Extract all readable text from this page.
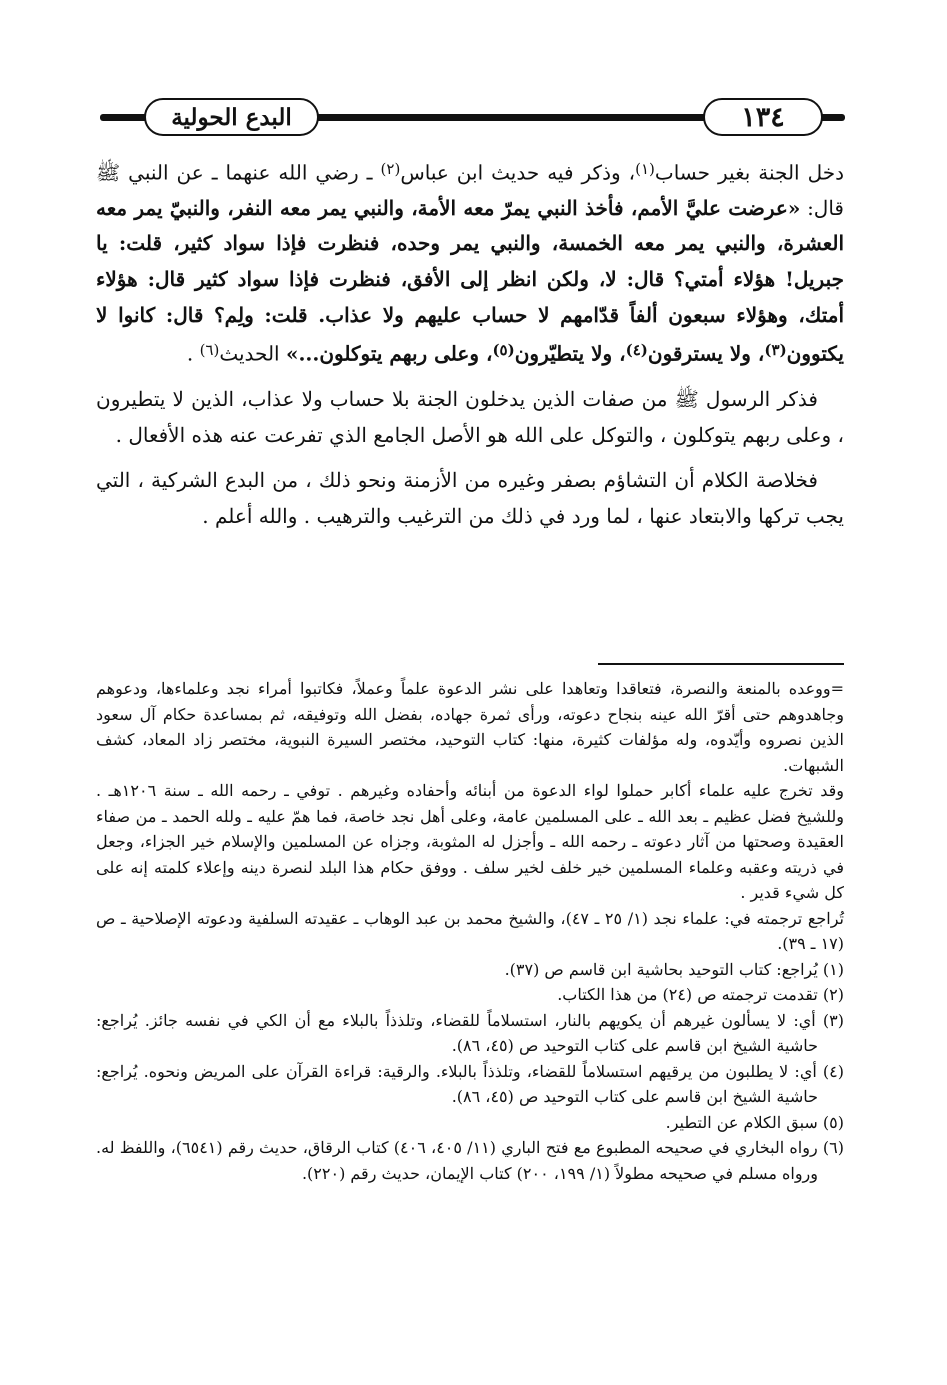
١٣٤
البدع الحولية

دخل الجنة بغير حساب$^{(١)}$، وذكر فيه حديث ابن عباس$^{(٢)}$ ـ رضي الله عنهما ـ عن النبي ﷺ قال: «عرضت عليَّ الأمم، فأخذ النبي يمرّ معه الأمة، والنبي يمر معه النفر، والنبيّ يمر معه العشرة، والنبي يمر معه الخمسة، والنبي يمر وحده، فنظرت فإذا سواد كثير، قلت: يا جبريل! هؤلاء أمتي؟ قال: لا، ولكن انظر إلى الأفق، فنظرت فإذا سواد كثير قال: هؤلاء أمتك، وهؤلاء سبعون ألفاً قدّامهم لا حساب عليهم ولا عذاب. قلت: ولِم؟ قال: كانوا لا يكتوون$^{(٣)}$، ولا يسترقون$^{(٤)}$، ولا يتطيّرون$^{(٥)}$، وعلى ربهم يتوكلون...» الحديث$^{(٦)}$ .

فذكر الرسول ﷺ من صفات الذين يدخلون الجنة بلا حساب ولا عذاب، الذين لا يتطيرون ، وعلى ربهم يتوكلون ، والتوكل على الله هو الأصل الجامع الذي تفرعت عنه هذه الأفعال .

فخلاصة الكلام أن التشاؤم بصفر وغيره من الأزمنة ونحو ذلك ، من البدع الشركية ، التي يجب تركها والابتعاد عنها ، لما ورد في ذلك من الترغيب والترهيب . والله أعلم .

=ووعده بالمنعة والنصرة، فتعاقدا وتعاهدا على نشر الدعوة علماً وعملاً، فكاتبوا أمراء نجد وعلماءها، ودعوهم وجاهدوهم حتى أقرّ الله عينه بنجاح دعوته، ورأى ثمرة جهاده، بفضل الله وتوفيقه، ثم بمساعدة حكام آل سعود الذين نصروه وأيّدوه، وله مؤلفات كثيرة، منها: كتاب التوحيد، مختصر السيرة النبوية، مختصر زاد المعاد، كشف الشبهات.

وقد تخرج عليه علماء أكابر حملوا لواء الدعوة من أبنائه وأحفاده وغيرهم . توفي ـ رحمه الله ـ سنة ١٢٠٦هـ . وللشيخ فضل عظيم ـ بعد الله ـ على المسلمين عامة، وعلى أهل نجد خاصة، فما همّ عليه ـ ولله الحمد ـ من صفاء العقيدة وصحتها من آثار دعوته ـ رحمه الله ـ وأجزل له المثوبة، وجزاه عن المسلمين والإسلام خير الجزاء، وجعل في ذريته وعقبه وعلماء المسلمين خير خلف لخير سلف . ووفق حكام هذا البلد لنصرة دينه وإعلاء كلمته إنه على كل شيء قدير .

تُراجع ترجمته في: علماء نجد (١/ ٢٥ ـ ٤٧)، والشيخ محمد بن عبد الوهاب ـ عقيدته السلفية ودعوته الإصلاحية ـ ص (١٧ ـ ٣٩).

(١) يُراجع: كتاب التوحيد بحاشية ابن قاسم ص (٣٧).

(٢) تقدمت ترجمته ص (٢٤) من هذا الكتاب.

(٣) أي: لا يسألون غيرهم أن يكويهم بالنار، استسلاماً للقضاء، وتلذذاً بالبلاء مع أن الكي في نفسه جائز. يُراجع: حاشية الشيخ ابن قاسم على كتاب التوحيد ص (٤٥، ٨٦).

(٤) أي: لا يطلبون من يرقيهم استسلاماً للقضاء، وتلذذاً بالبلاء. والرقية: قراءة القرآن على المريض ونحوه. يُراجع: حاشية الشيخ ابن قاسم على كتاب التوحيد ص (٤٥، ٨٦).

(٥) سبق الكلام عن التطير.

(٦) رواه البخاري في صحيحه المطبوع مع فتح الباري (١١/ ٤٠٥، ٤٠٦) كتاب الرقاق، حديث رقم (٦٥٤١)، واللفظ له. ورواه مسلم في صحيحه مطولاً (١/ ١٩٩، ٢٠٠) كتاب الإيمان، حديث رقم (٢٢٠).
